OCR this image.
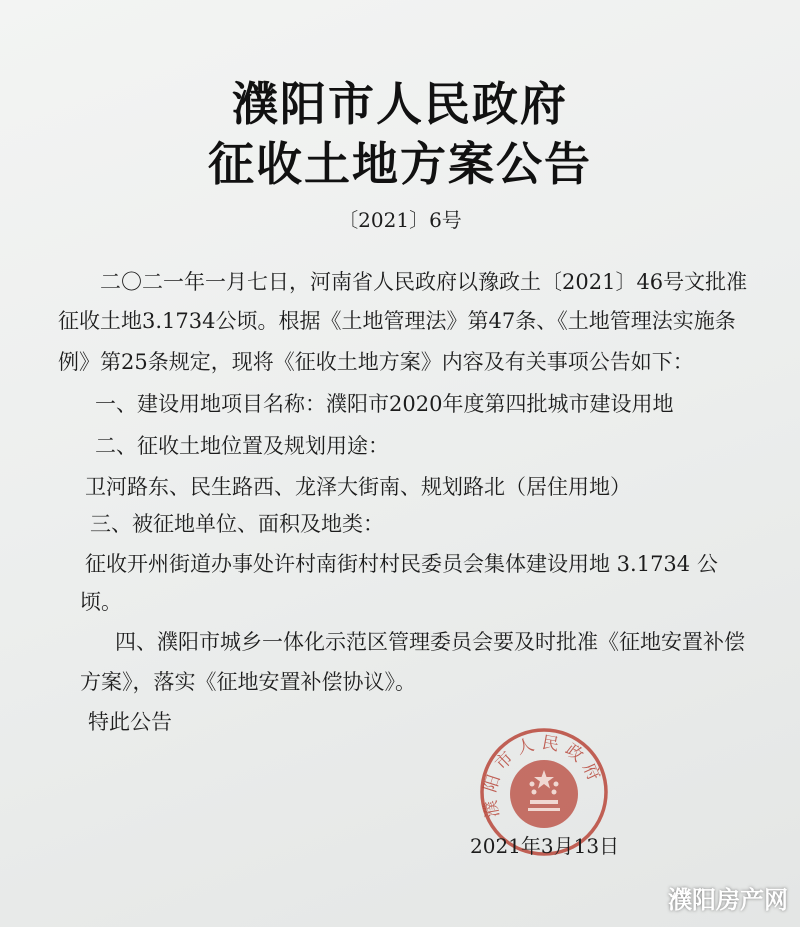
濮阳市人民政府
征收土地方案公告
〔2021〕6号
二〇二一年一月七日，河南省人民政府以豫政土〔2021〕46号文批准
征收土地3.1734公顷。根据《土地管理法》第47条、《土地管理法实施条
例》第25条规定，现将《征收土地方案》内容及有关事项公告如下：
一、建设用地项目名称：濮阳市2020年度第四批城市建设用地
二、征收土地位置及规划用途：
卫河路东、民生路西、龙泽大街南、规划路北（居住用地）
三、被征地单位、面积及地类：
征收开州街道办事处许村南街村村民委员会集体建设用地 3.1734 公
顷。
四、濮阳市城乡一体化示范区管理委员会要及时批准《征地安置补偿
方案》，落实《征地安置补偿协议》。
特此公告
濮阳市人民政府
2021年3月13日
濮阳房产网
